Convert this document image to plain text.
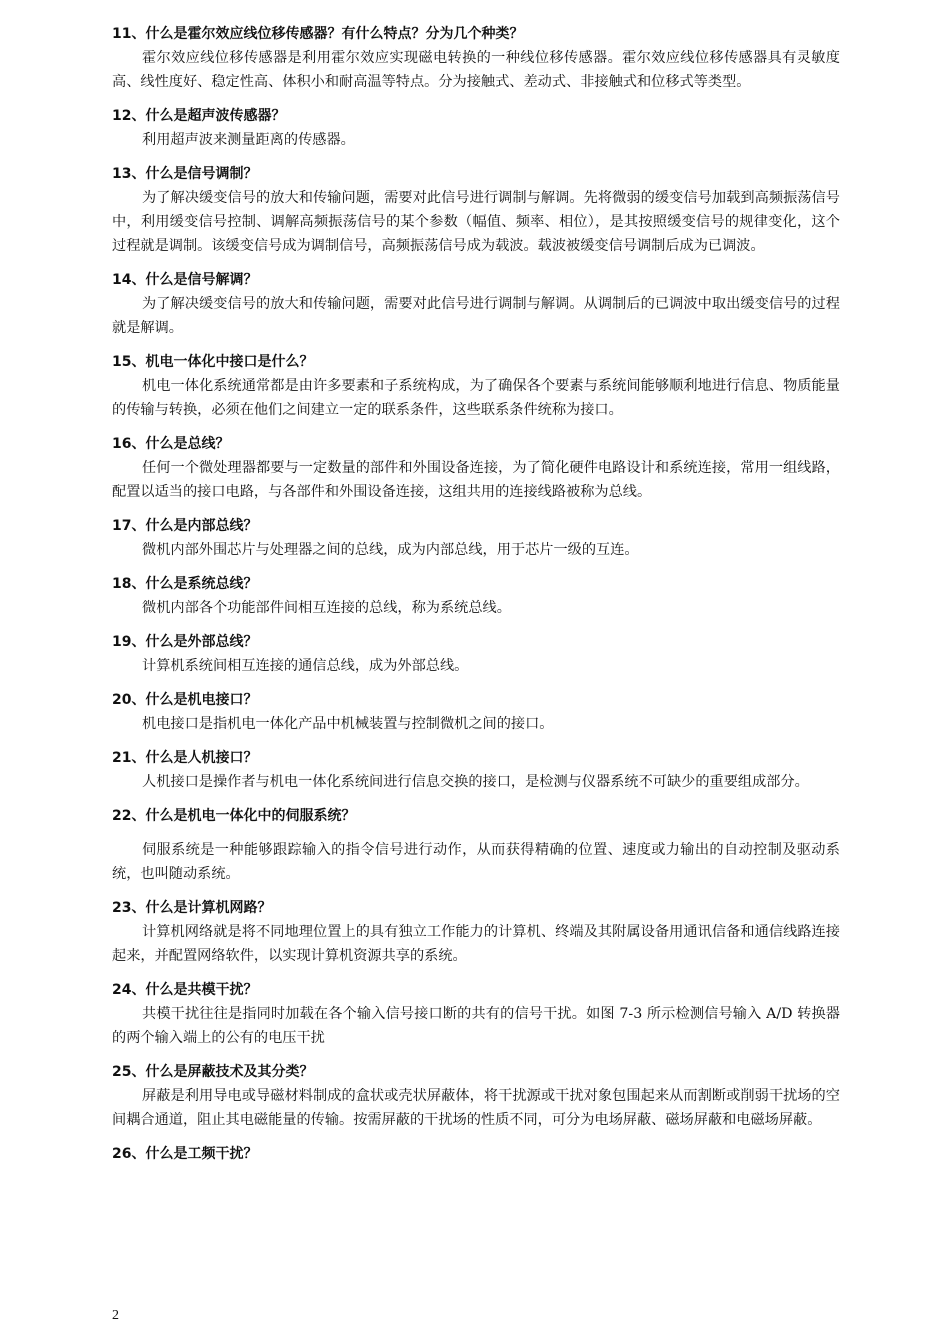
11、什么是霍尔效应线位移传感器？有什么特点？分为几个种类？

霍尔效应线位移传感器是利用霍尔效应实现磁电转换的一种线位移传感器。霍尔效应线位移传感器具有灵敏度高、线性度好、稳定性高、体积小和耐高温等特点。分为接触式、差动式、非接触式和位移式等类型。

12、什么是超声波传感器？

利用超声波来测量距离的传感器。

13、什么是信号调制？

为了解决缓变信号的放大和传输问题，需要对此信号进行调制与解调。先将微弱的缓变信号加载到高频振荡信号中，利用缓变信号控制、调解高频振荡信号的某个参数（幅值、频率、相位），是其按照缓变信号的规律变化，这个过程就是调制。该缓变信号成为调制信号，高频振荡信号成为载波。载波被缓变信号调制后成为已调波。

14、什么是信号解调？

为了解决缓变信号的放大和传输问题，需要对此信号进行调制与解调。从调制后的已调波中取出缓变信号的过程就是解调。

15、机电一体化中接口是什么？

机电一体化系统通常都是由许多要素和子系统构成，为了确保各个要素与系统间能够顺利地进行信息、物质能量的传输与转换，必须在他们之间建立一定的联系条件，这些联系条件统称为接口。

16、什么是总线？

任何一个微处理器都要与一定数量的部件和外围设备连接，为了简化硬件电路设计和系统连接，常用一组线路，配置以适当的接口电路，与各部件和外围设备连接，这组共用的连接线路被称为总线。

17、什么是内部总线？

微机内部外围芯片与处理器之间的总线，成为内部总线，用于芯片一级的互连。

18、什么是系统总线？

微机内部各个功能部件间相互连接的总线，称为系统总线。

19、什么是外部总线？

计算机系统间相互连接的通信总线，成为外部总线。

20、什么是机电接口？

机电接口是指机电一体化产品中机械装置与控制微机之间的接口。

21、什么是人机接口？

人机接口是操作者与机电一体化系统间进行信息交换的接口，是检测与仪器系统不可缺少的重要组成部分。

22、什么是机电一体化中的伺服系统？

伺服系统是一种能够跟踪输入的指令信号进行动作，从而获得精确的位置、速度或力输出的自动控制及驱动系统，也叫随动系统。

23、什么是计算机网路？

计算机网络就是将不同地理位置上的具有独立工作能力的计算机、终端及其附属设备用通讯信备和通信线路连接起来，并配置网络软件，以实现计算机资源共享的系统。

24、什么是共模干扰？

共模干扰往往是指同时加载在各个输入信号接口断的共有的信号干扰。如图 7-3 所示检测信号输入 A/D 转换器的两个输入端上的公有的电压干扰

25、什么是屏蔽技术及其分类？

屏蔽是利用导电或导磁材料制成的盒状或壳状屏蔽体，将干扰源或干扰对象包围起来从而割断或削弱干扰场的空间耦合通道，阻止其电磁能量的传输。按需屏蔽的干扰场的性质不同，可分为电场屏蔽、磁场屏蔽和电磁场屏蔽。

26、什么是工频干扰？
2
